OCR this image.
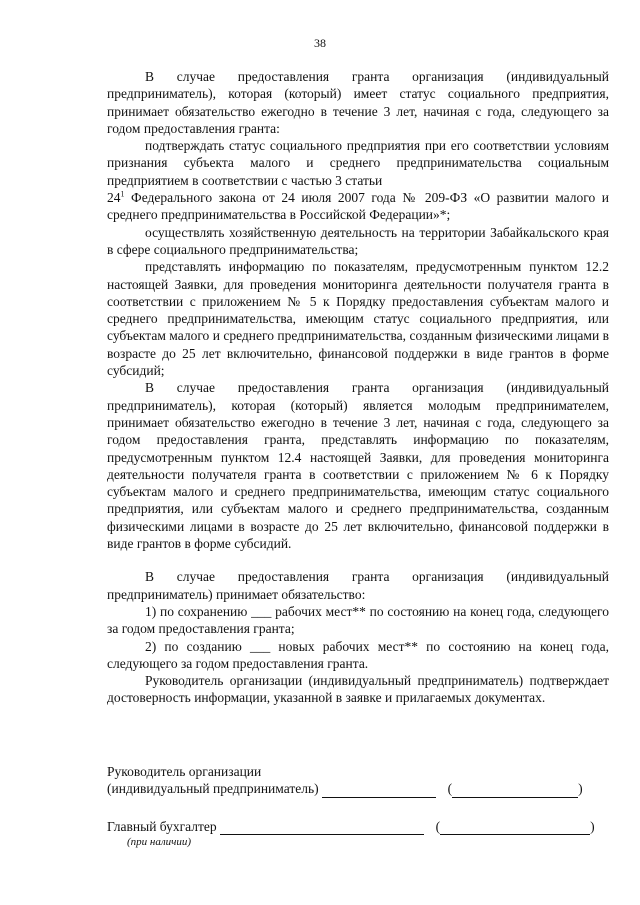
38

В случае предоставления гранта организация (индивидуальный предприниматель), которая (который) имеет статус социального предприятия, принимает обязательство ежегодно в течение 3 лет, начиная с года, следующего за годом предоставления гранта:

подтверждать статус социального предприятия при его соответствии условиям признания субъекта малого и среднего предпринимательства социальным предприятием в соответствии с частью 3 статьи

$24^1$ Федерального закона от 24 июля 2007 года № 209-ФЗ «О развитии малого и среднего предпринимательства в Российской Федерации»*;

осуществлять хозяйственную деятельность на территории Забайкальского края в сфере социального предпринимательства;

представлять информацию по показателям, предусмотренным пунктом 12.2 настоящей Заявки, для проведения мониторинга деятельности получателя гранта в соответствии с приложением № 5 к Порядку предоставления субъектам малого и среднего предпринимательства, имеющим статус социального предприятия, или субъектам малого и среднего предпринимательства, созданным физическими лицами в возрасте до 25 лет включительно, финансовой поддержки в виде грантов в форме субсидий;

В случае предоставления гранта организация (индивидуальный предприниматель), которая (который) является молодым предпринимателем, принимает обязательство ежегодно в течение 3 лет, начиная с года, следующего за годом предоставления гранта, представлять информацию по показателям, предусмотренным пунктом 12.4 настоящей Заявки, для проведения мониторинга деятельности получателя гранта в соответствии с приложением № 6 к Порядку субъектам малого и среднего предпринимательства, имеющим статус социального предприятия, или субъектам малого и среднего предпринимательства, созданным физическими лицами в возрасте до 25 лет включительно, финансовой поддержки в виде грантов в форме субсидий.

В случае предоставления гранта организация (индивидуальный предприниматель) принимает обязательство:

1) по сохранению ___ рабочих мест** по состоянию на конец года, следующего за годом предоставления гранта;

2) по созданию ___ новых рабочих мест** по состоянию на конец года, следующего за годом предоставления гранта.

Руководитель организации (индивидуальный предприниматель) подтверждает достоверность информации, указанной в заявке и прилагаемых документах.

Руководитель организации
(индивидуальный предприниматель)	(	)
Главный бухгалтер	(	)
(при наличии)
